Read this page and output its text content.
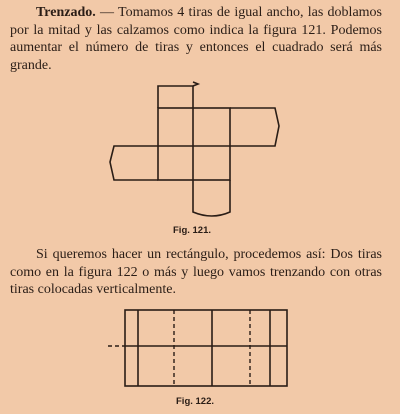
Trenzado. — Tomamos 4 tiras de igual ancho, las doblamos por la mitad y las calzamos como indica la figura 121. Podemos aumentar el número de tiras y entonces el cuadrado será más grande.
Fig. 121.
Si queremos hacer un rectángulo, procedemos así: Dos tiras como en la figura 122 o más y luego vamos trenzando con otras tiras colocadas verticalmente.
Fig. 122.
